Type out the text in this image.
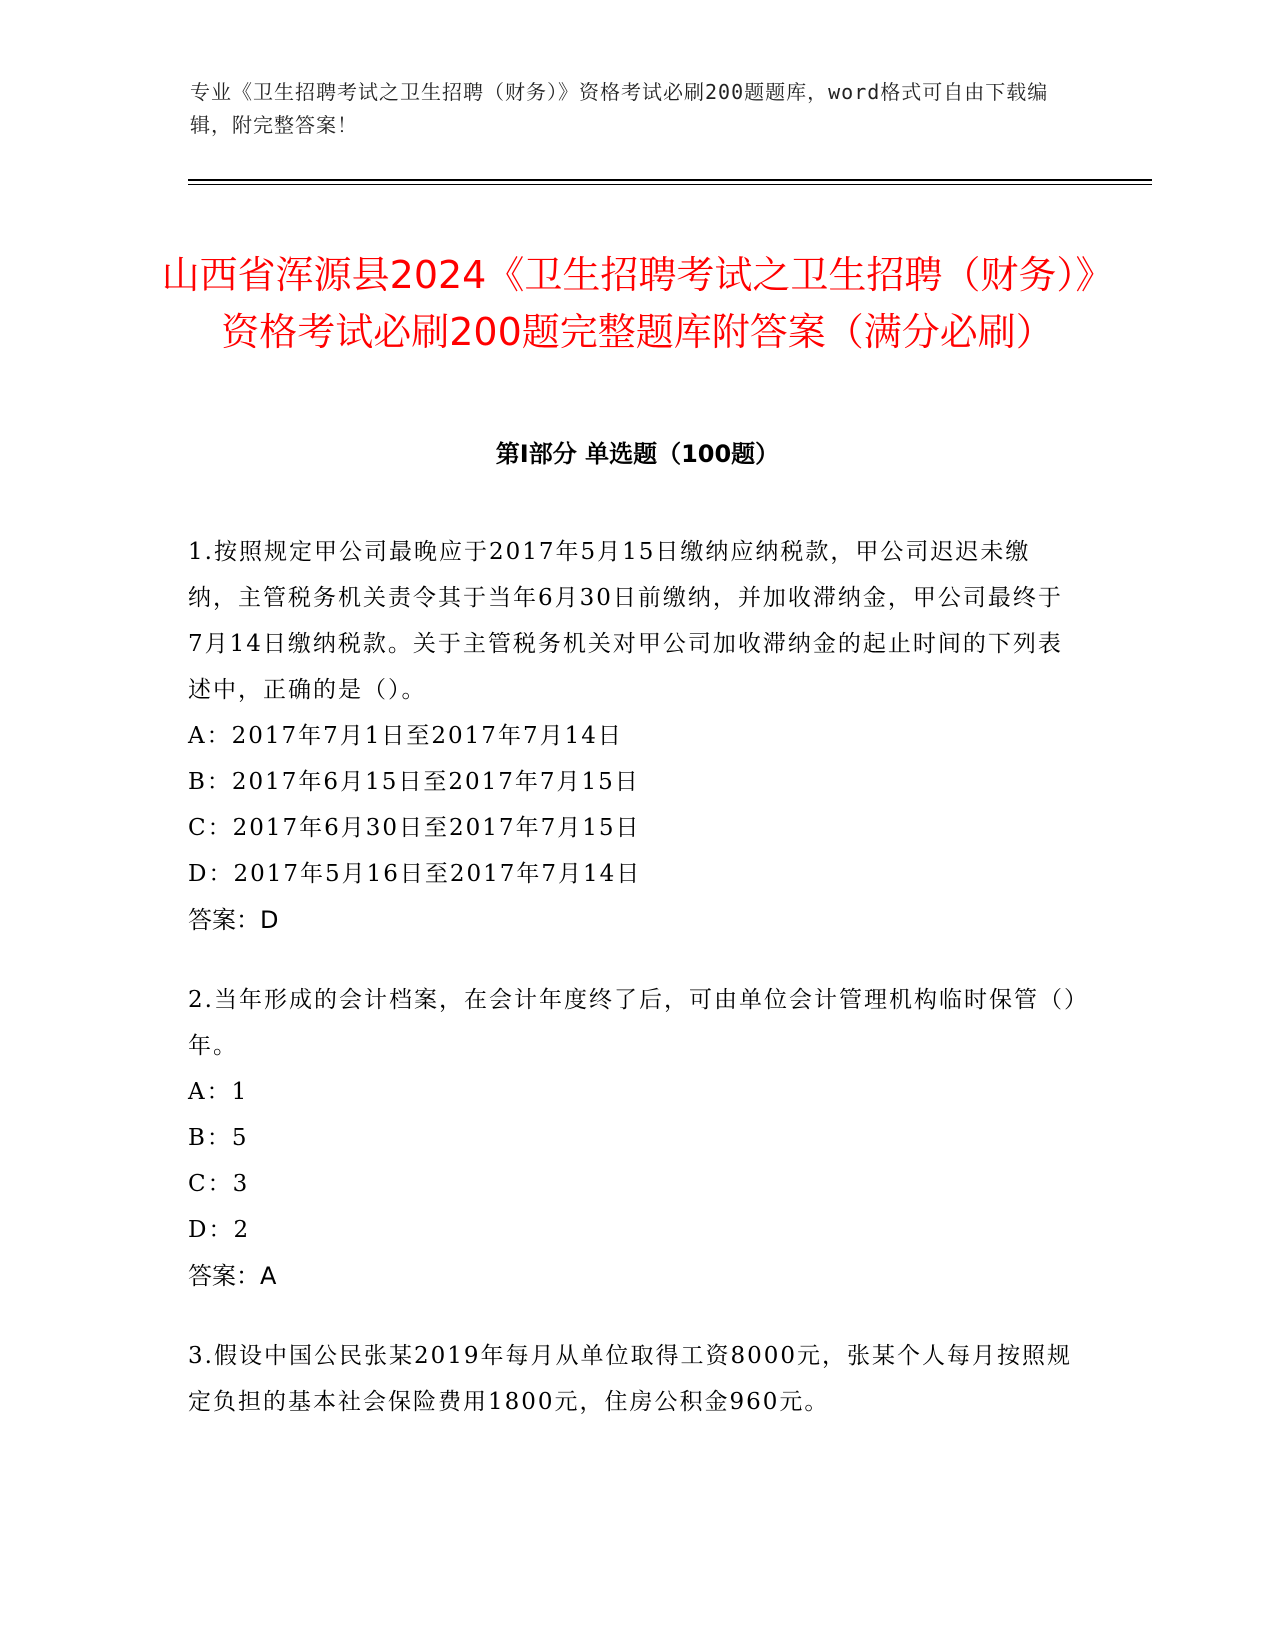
专业《卫生招聘考试之卫生招聘（财务）》资格考试必刷200题题库，word格式可自由下载编辑，附完整答案！
山西省浑源县2024《卫生招聘考试之卫生招聘（财务）》资格考试必刷200题完整题库附答案（满分必刷）
第Ⅰ部分 单选题（100题）

1.按照规定甲公司最晚应于2017年5月15日缴纳应纳税款，甲公司迟迟未缴纳，主管税务机关责令其于当年6月30日前缴纳，并加收滞纳金，甲公司最终于7月14日缴纳税款。关于主管税务机关对甲公司加收滞纳金的起止时间的下列表述中，正确的是（）。

A：2017年7月1日至2017年7月14日

B：2017年6月15日至2017年7月15日

C：2017年6月30日至2017年7月15日

D：2017年5月16日至2017年7月14日

答案：D

2.当年形成的会计档案，在会计年度终了后，可由单位会计管理机构临时保管（）年。

A：1

B：5

C：3

D：2

答案：A

3.假设中国公民张某2019年每月从单位取得工资8000元，张某个人每月按照规定负担的基本社会保险费用1800元，住房公积金960元。
